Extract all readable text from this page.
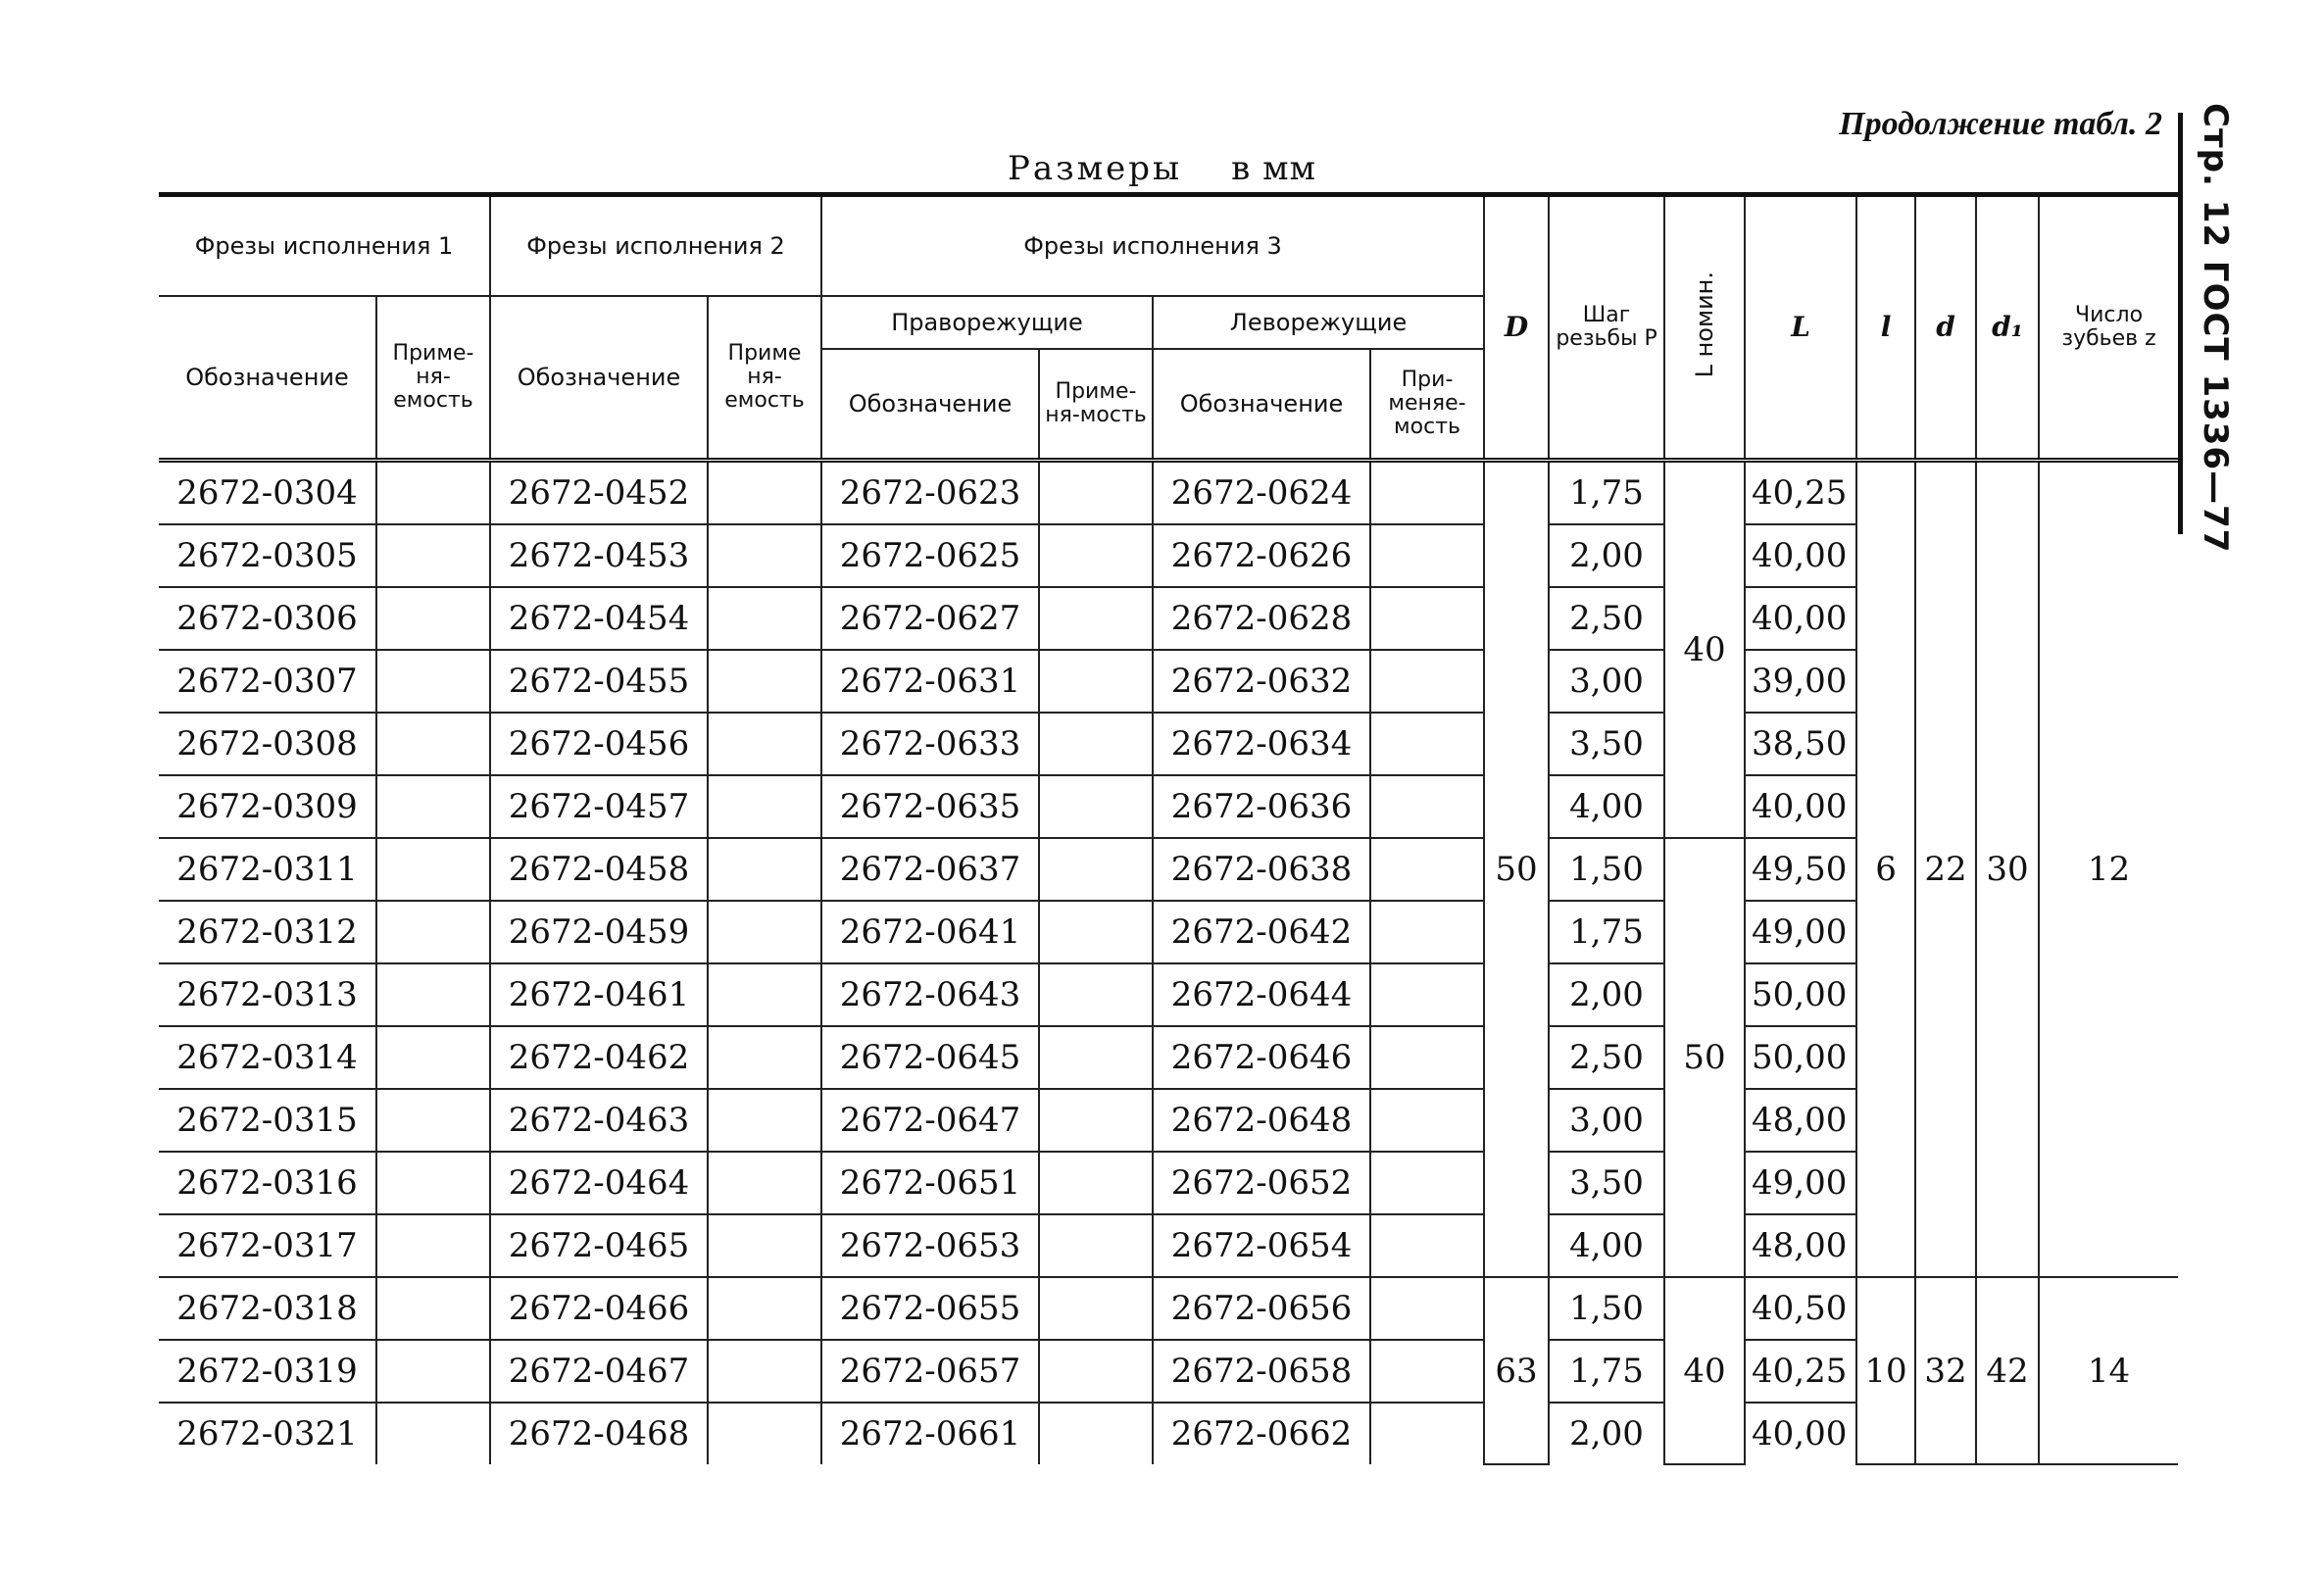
Продолжение табл. 2
Размеры в мм	Стр. 12 ГОСТ 1336—77
Фрезы исполнения 1		Фрезы исполнения 2		Фрезы исполнения 3				D	Шаг резьбы P	L номин.	L	l	d	d₁	Число зубьев z
Обозначение	Приме-ня-емость	Обозначение	Приме ня-емость	Праворежущие		Леворежущие									
				Обозначение	Приме-ня-мость	Обозначение	При-меняе-мость								
2672-0304		2672-0452		2672-0623		2672-0624		50	1,75	40	40,25	6	22	30	12
2672-0305		2672-0453		2672-0625		2672-0626			2,00		40,00				
2672-0306		2672-0454		2672-0627		2672-0628			2,50		40,00				
2672-0307		2672-0455		2672-0631		2672-0632			3,00		39,00				
2672-0308		2672-0456		2672-0633		2672-0634			3,50		38,50				
2672-0309		2672-0457		2672-0635		2672-0636			4,00		40,00				
2672-0311		2672-0458		2672-0637		2672-0638			1,50	50	49,50				
2672-0312		2672-0459		2672-0641		2672-0642			1,75		49,00				
2672-0313		2672-0461		2672-0643		2672-0644			2,00		50,00				
2672-0314		2672-0462		2672-0645		2672-0646			2,50		50,00				
2672-0315		2672-0463		2672-0647		2672-0648			3,00		48,00				
2672-0316		2672-0464		2672-0651		2672-0652			3,50		49,00				
2672-0317		2672-0465		2672-0653		2672-0654			4,00		48,00				
2672-0318		2672-0466		2672-0655		2672-0656		63	1,50	40	40,50	10	32	42	14
2672-0319		2672-0467		2672-0657		2672-0658			1,75		40,25				
2672-0321		2672-0468		2672-0661		2672-0662			2,00		40,00				
